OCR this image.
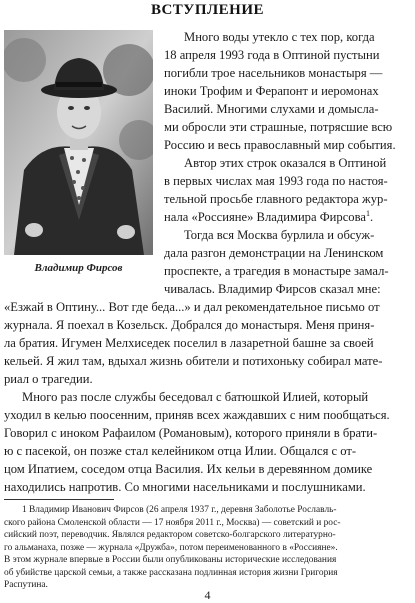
ВСТУПЛЕНИЕ
Владимир Фирсов
Много воды утекло с тех пор, когда
18 апреля 1993 года в Оптиной пустыни
погибли трое насельников монастыря —
иноки Трофим и Ферапонт и иеромонах
Василий. Многими слухами и домысла-
ми обросли эти страшные, потрясшие всю
Россию и весь православный мир события.
Автор этих строк оказался в Оптиной
в первых числах мая 1993 года по настоя-
тельной просьбе главного редактора жур-
нала «Россияне» Владимира Фирсова$^1$.
Тогда вся Москва бурлила и обсуж-
дала разгон демонстрации на Ленинском
проспекте, а трагедия в монастыре замал-
чивалась. Владимир Фирсов сказал мне:
«Езжай в Оптину... Вот где беда...» и дал рекомендательное письмо от
журнала. Я поехал в Козельск. Добрался до монастыря. Меня приня-
ла братия. Игумен Мелхиседек поселил в лазаретной башне за своей
кельей. Я жил там, вдыхал жизнь обители и потихоньку собирал мате-
риал о трагедии.
Много раз после службы беседовал с батюшкой Илией, который
уходил в келью поосенним, приняв всех жаждавших с ним пообщаться.
Говорил с иноком Рафаилом (Романовым), которого приняли в брати-
ю с пасекой, он позже стал келейником отца Илии. Общался с от-
цом Ипатием, соседом отца Василия. Их кельи в деревянном домике
находились напротив. Со многими насельниками и послушниками.
1 Владимир Иванович Фирсов (26 апреля 1937 г., деревня Заболотье Рославль-
ского района Смоленской области — 17 ноября 2011 г., Москва) — советский и рос-
сийский поэт, переводчик. Являлся редактором советско-болгарского литературно-
го альманаха, позже — журнала «Дружба», потом переименованного в «Россияне».
В этом журнале впервые в России были опубликованы исторические исследования
об убийстве царской семьи, а также рассказана подлинная история жизни Григория
Распутина.
4
